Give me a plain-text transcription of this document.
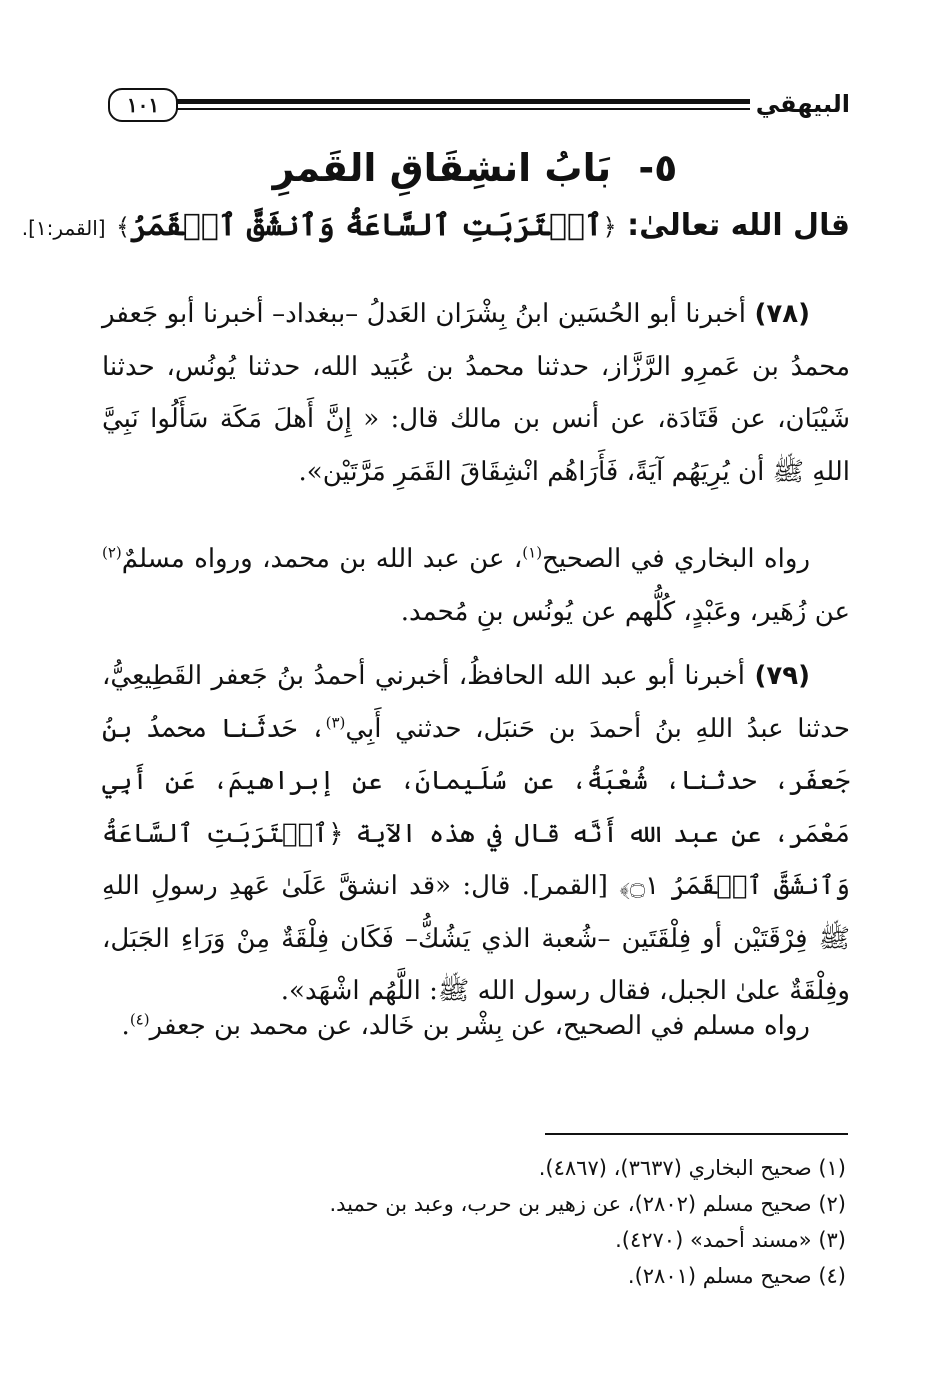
١٠١	البيهقي
٥- بَابُ انشِقَاقِ القَمرِ
قال الله تعالىٰ: ﴿ٱقۡتَرَبَتِ ٱلسَّاعَةُ وَٱنشَقَّ ٱلۡقَمَرُ﴾ [القمر:١].

(٧٨) أخبرنا أبو الحُسَين ابنُ بِشْرَان العَدلُ –ببغداد– أخبرنا أبو جَعفر محمدُ بن عَمرِو الرَّزَّاز، حدثنا محمدُ بن عُبَيد الله، حدثنا يُونُس، حدثنا شَيْبَان، عن قَتَادَة، عن أنس بن مالك قال: « إِنَّ أَهلَ مَكَة سَأَلُوا نَبِيَّ اللهِ ﷺ أن يُرِيَهُم آيَةً، فَأَرَاهُم انْشِقَاقَ القَمَرِ مَرَّتَيْن».

رواه البخاري في الصحيح$^{(١)}$، عن عبد الله بن محمد، ورواه مسلمٌ$^{(٢)}$ عن زُهَير، وعَبْدٍ، كُلُّهم عن يُونُس بنِ مُحمد.

(٧٩) أخبرنا أبو عبد الله الحافظُ، أخبرني أحمدُ بنُ جَعفر القَطِيعِيُّ، حدثنا عبدُ اللهِ بنُ أحمدَ بن حَنبَل، حدثني أَبِي$^{(٣)}$، حَدثَنا محمدُ بنُ جَعفَر، حدثنا، شُعْبَةُ، عن سُلَيمانَ، عن إبراهيمَ، عَن أَبِي مَعْمَر، عن عبد الله أَنَّه قال في هذه الآية ﴿ٱقۡتَرَبَتِ ٱلسَّاعَةُ وَٱنشَقَّ ٱلۡقَمَرُ ۝١﴾ [القمر]. قال: «قد انشقَّ عَلَىٰ عَهدِ رسولِ اللهِ ﷺ فِرْقَتَيْن أو فِلْقَتَين –شُعبة الذي يَشُكُّ– فَكَان فِلْقَةٌ مِنْ وَرَاءِ الجَبَل، وفِلْقَةٌ علىٰ الجبل، فقال رسول الله ﷺ: اللَّهُم اشْهَد».

رواه مسلم في الصحيح، عن بِشْر بن خَالد، عن محمد بن جعفر$^{(٤)}$.

(١) صحيح البخاري (٣٦٣٧)، (٤٨٦٧).

(٢) صحيح مسلم (٢٨٠٢)، عن زهير بن حرب، وعبد بن حميد.

(٣) «مسند أحمد» (٤٢٧٠).

(٤) صحيح مسلم (٢٨٠١).
